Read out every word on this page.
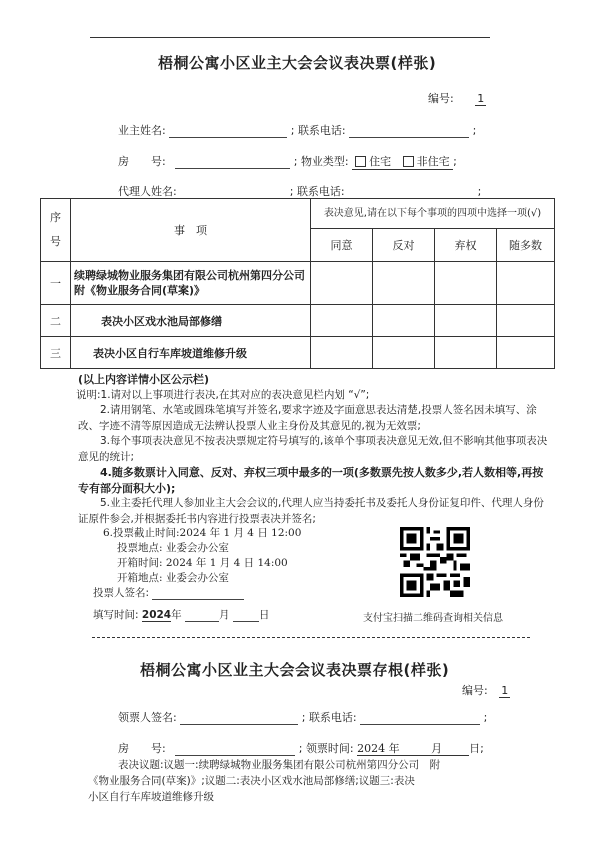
梧桐公寓小区业主大会会议表决票(样张)
编号: 1
业主姓名:	; 联系电话:	;
房　　号:	; 物业类型: 住宅 非住宅 ;
代理人姓名:	; 联系电话:	;
序号	事　项	表决意见,请在以下每个事项的四项中选择一项(√)			
		同意	反对	弃权	随多数
一	续聘绿城物业服务集团有限公司杭州第四分公司　附《物业服务合同(草案)》				
二	表决小区戏水池局部修缮				
三	表决小区自行车库坡道维修升级				

(以上内容详情小区公示栏)

说明:1.请对以上事项进行表决,在其对应的表决意见栏内划 “√”;

2.请用钢笔、水笔或圆珠笔填写并签名,要求字迹及字面意思表达清楚,投票人签名因未填写、涂改、字迹不清等原因造成无法辨认投票人业主身份及其意见的,视为无效票;

3.每个事项表决意见不按表决票规定符号填写的,该单个事项表决意见无效,但不影响其他事项表决意见的统计;

4.随多数票计入同意、反对、弃权三项中最多的一项(多数票先按人数多少,若人数相等,再按专有部分面积大小);

5.业主委托代理人参加业主大会会议的,代理人应当持委托书及委托人身份证复印件、代理人身份证原件参会,并根据委托书内容进行投票表决并签名;

6.投票截止时间:2024 年 1 月 4 日 12:00
投票地点: 业委会办公室
开箱时间: 2024 年 1 月 4 日 14:00
开箱地点: 业委会办公室
投票人签名:
填写时间: 2024年	月	日	支付宝扫描二维码查询相关信息
梧桐公寓小区业主大会会议表决票存根(样张)
编号: 1
领票人签名:	; 联系电话:	;
房　　号:	; 领票时间: 2024 年	月 日;
表决议题:议题一:续聘绿城物业服务集团有限公司杭州第四分公司　附
《物业服务合同(草案)》;议题二:表决小区戏水池局部修缮;议题三:表决
小区自行车库坡道维修升级
